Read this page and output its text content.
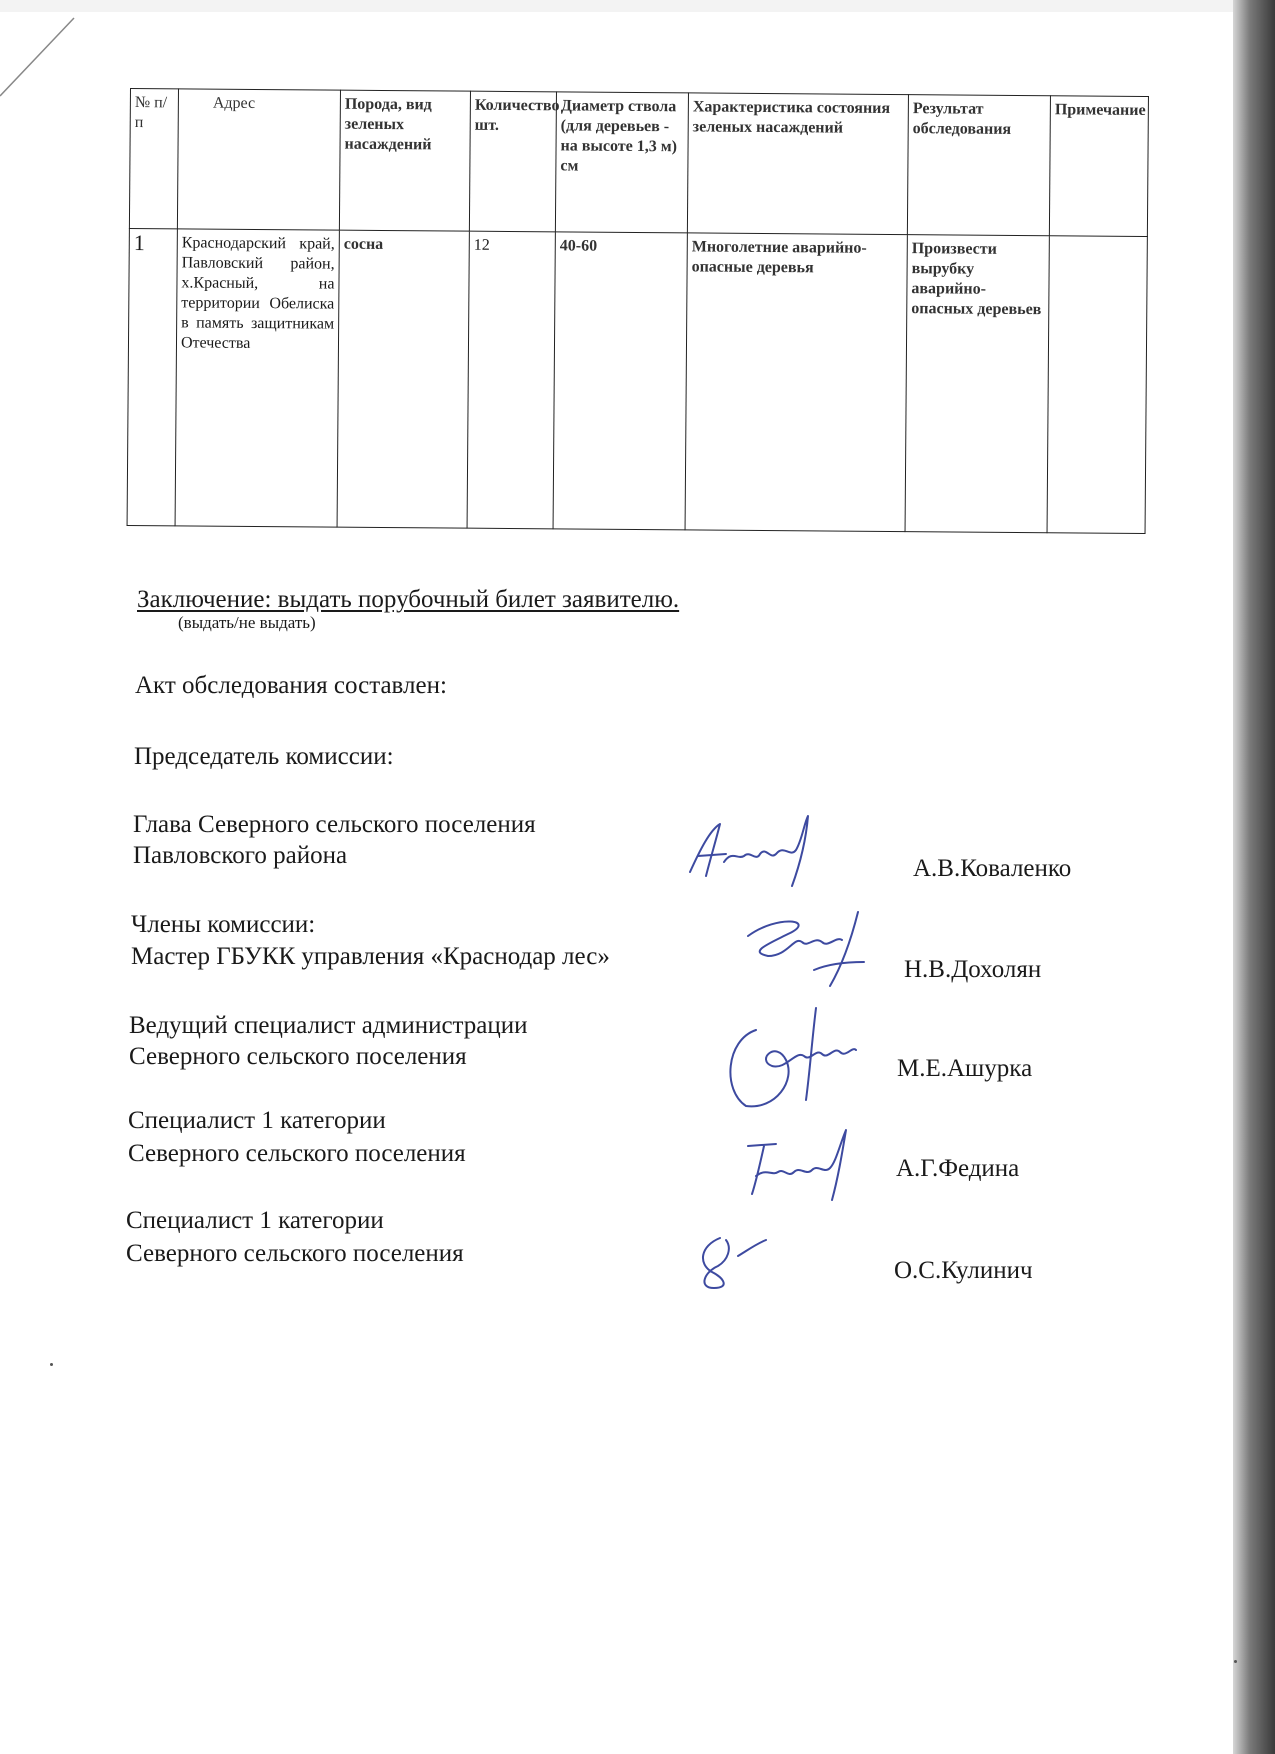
№ п/п	Адрес	Порода, вид зеленых насаждений	Количество шт.	Диаметр ствола (для деревьев - на высоте 1,3 м) см	Характеристика состояния зеленых насаждений	Результат обследования	Примечание
1	Краснодарский край, Павловский район, х.Красный, на территории Обелиска в память защитникам Отечества	сосна	12	40-60	Многолетние аварийно-опасные деревья	Произвести вырубку аварийно-опасных деревьев	
Заключение: выдать порубочный билет заявителю.
(выдать/не выдать)
Акт обследования составлен:
Председатель комиссии:
Глава Северного сельского поселения
Павловского района	А.В.Коваленко
Члены комиссии:
Мастер ГБУКК управления «Краснодар лес»	Н.В.Дохолян
Ведущий специалист администрации
Северного сельского поселения	М.Е.Ашурка
Специалист 1 категории
Северного сельского поселения
А.Г.Федина
Специалист 1 категории
Северного сельского поселения
О.С.Кулинич
